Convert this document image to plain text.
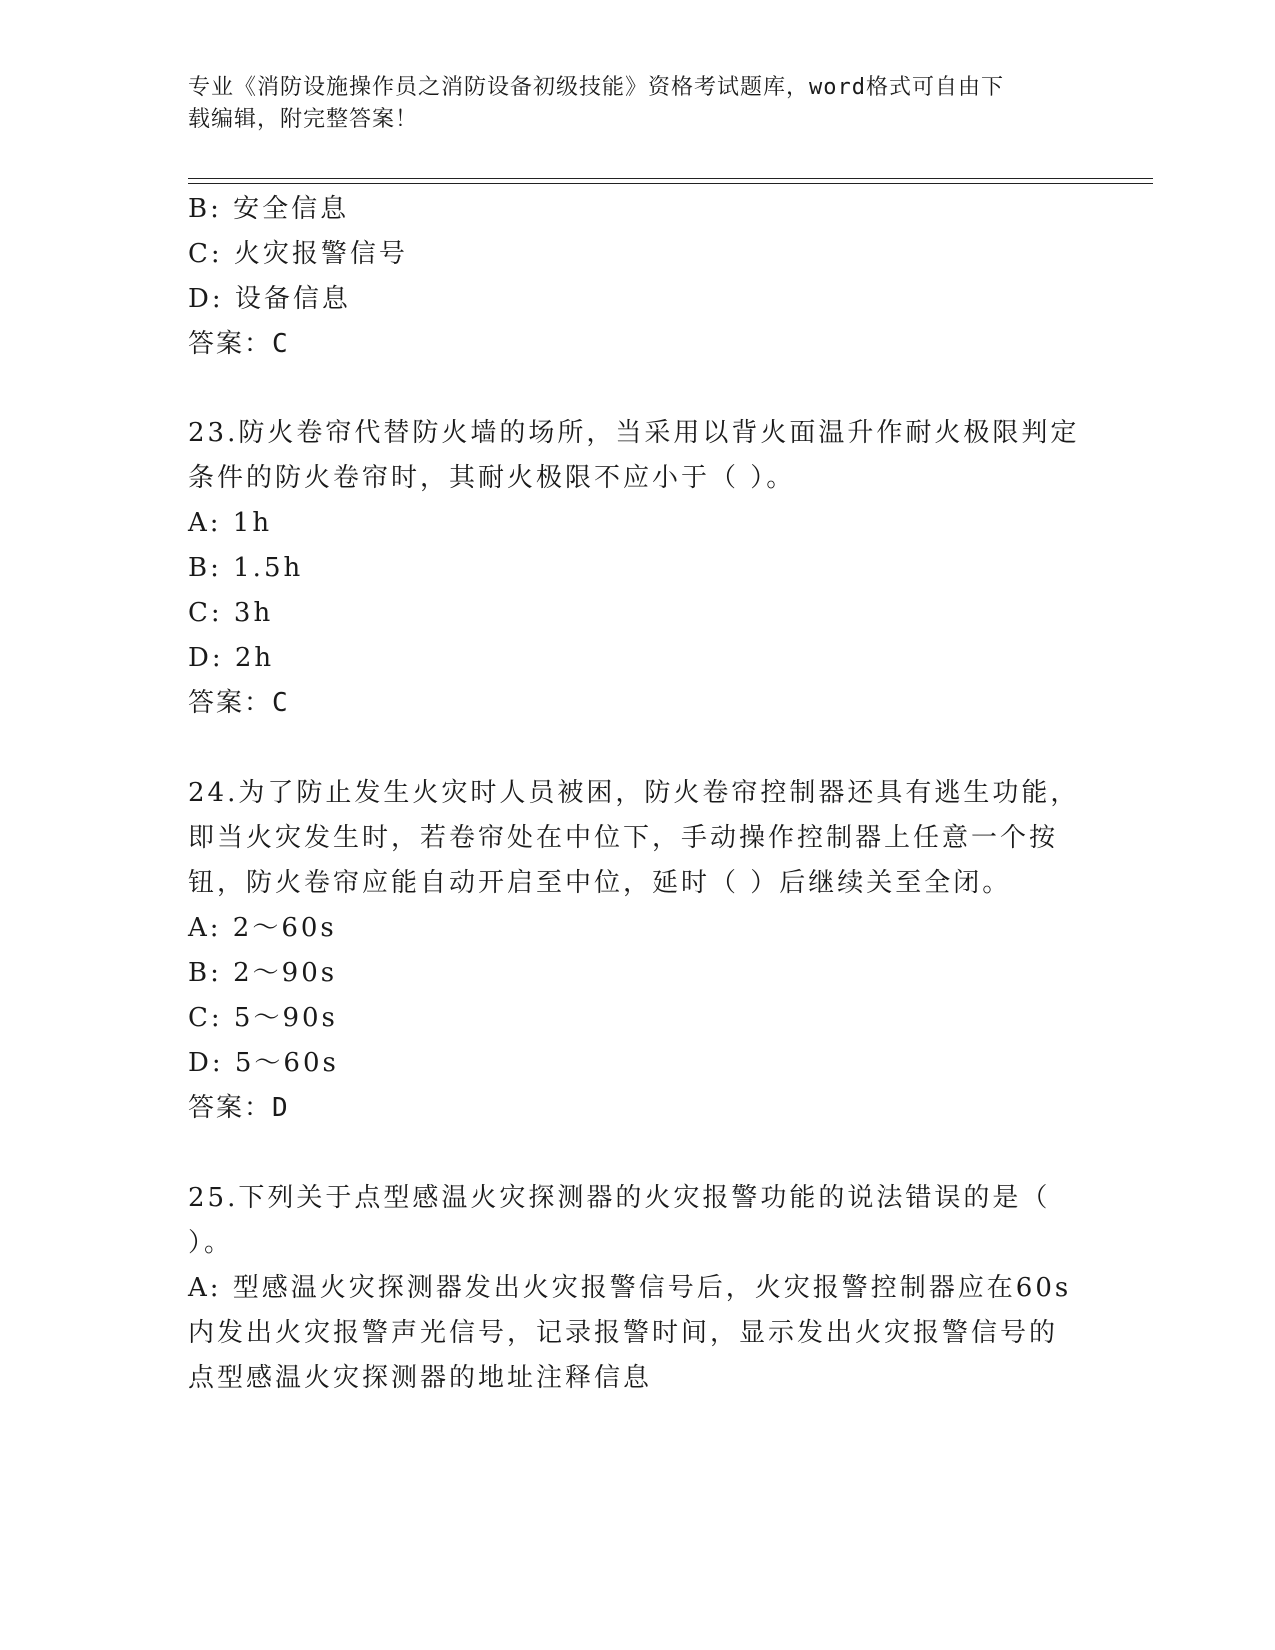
专业《消防设施操作员之消防设备初级技能》资格考试题库，word格式可自由下
载编辑，附完整答案！
B: 安全信息
C: 火灾报警信号
D: 设备信息
答案：C
23.防火卷帘代替防火墙的场所，当采用以背火面温升作耐火极限判定
条件的防火卷帘时，其耐火极限不应小于（ ）。
A: 1h
B: 1.5h
C: 3h
D: 2h
答案：C
24.为了防止发生火灾时人员被困，防火卷帘控制器还具有逃生功能，
即当火灾发生时，若卷帘处在中位下，手动操作控制器上任意一个按
钮，防火卷帘应能自动开启至中位，延时（ ）后继续关至全闭。
A: 2～60s
B: 2～90s
C: 5～90s
D: 5～60s
答案：D
25.下列关于点型感温火灾探测器的火灾报警功能的说法错误的是（
）。
A: 型感温火灾探测器发出火灾报警信号后，火灾报警控制器应在60s
内发出火灾报警声光信号，记录报警时间，显示发出火灾报警信号的
点型感温火灾探测器的地址注释信息
